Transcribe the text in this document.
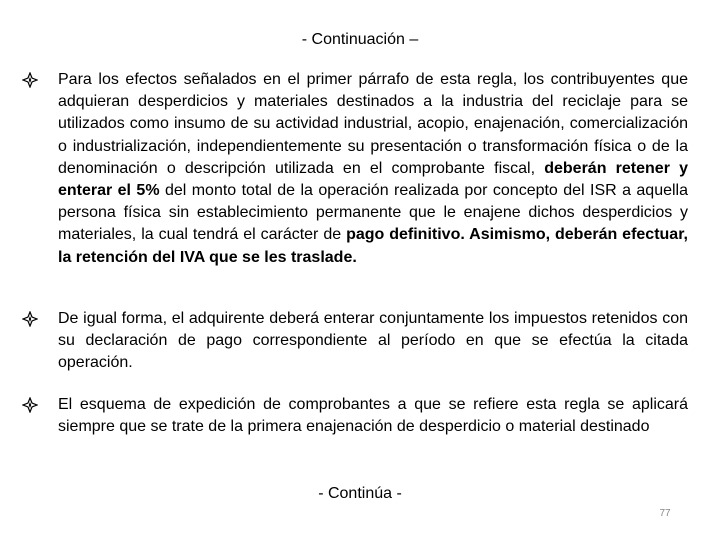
- Continuación –

Para los efectos señalados en el primer párrafo de esta regla, los contribuyentes que adquieran desperdicios y materiales destinados a la industria del reciclaje para se utilizados como insumo de su actividad industrial, acopio, enajenación, comercialización o industrialización, independientemente su presentación o transformación física o de la denominación o descripción utilizada en el comprobante fiscal, deberán retener y enterar el 5% del monto total de la operación realizada por concepto del ISR a aquella persona física sin establecimiento permanente que le enajene dichos desperdicios y materiales, la cual tendrá el carácter de pago definitivo. Asimismo, deberán efectuar, la retención del IVA que se les traslade.

De igual forma, el adquirente deberá enterar conjuntamente los impuestos retenidos con su declaración de pago correspondiente al período en que se efectúa la citada operación.

El esquema de expedición de comprobantes a que se refiere esta regla se aplicará siempre que se trate de la primera enajenación de desperdicio o material destinado

- Continúa -
77
